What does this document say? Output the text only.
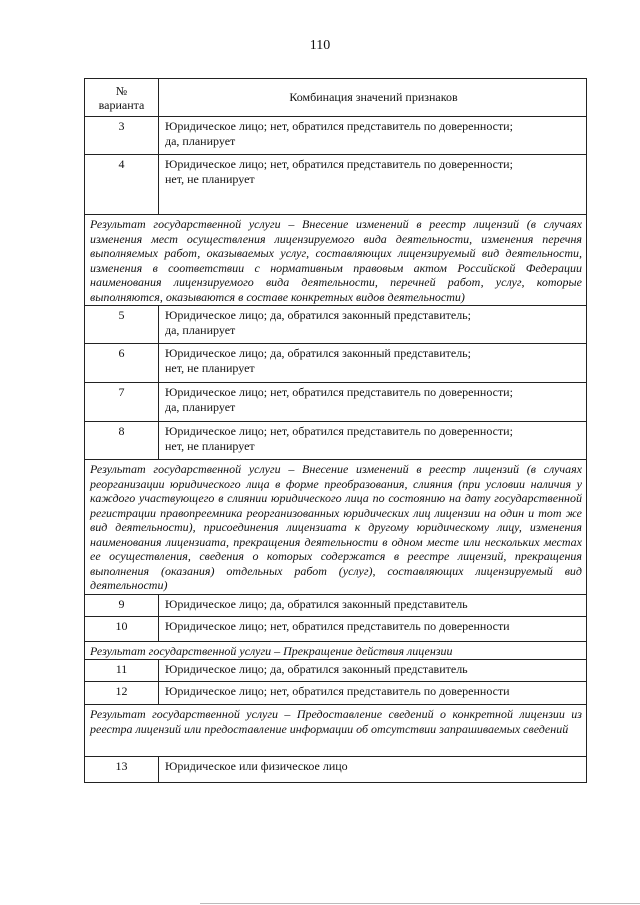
110
№
варианта	Комбинация значений признаков
3	Юридическое лицо; нет, обратился представитель по доверенности;
да, планирует

4	Юридическое лицо; нет, обратился представитель по доверенности;
нет, не планирует

Результат государственной услуги – Внесение изменений в реестр лицензий (в случаях изменения мест осуществления лицензируемого вида деятельности, изменения перечня выполняемых работ, оказываемых услуг, составляющих лицензируемый вид деятельности, изменения в соответствии с нормативным правовым актом Российской Федерации наименования лицензируемого вида деятельности, перечней работ, услуг, которые выполняются, оказываются в составе конкретных видов деятельности)	
5	Юридическое лицо; да, обратился законный представитель;
да, планирует

6	Юридическое лицо; да, обратился законный представитель;
нет, не планирует

7	Юридическое лицо; нет, обратился представитель по доверенности;
да, планирует

8	Юридическое лицо; нет, обратился представитель по доверенности;
нет, не планирует

Результат государственной услуги – Внесение изменений в реестр лицензий (в случаях реорганизации юридического лица в форме преобразования, слияния (при условии наличия у каждого участвующего в слиянии юридического лица по состоянию на дату государственной регистрации правопреемника реорганизованных юридических лиц лицензии на один и тот же вид деятельности), присоединения лицензиата к другому юридическому лицу, изменения наименования лицензиата, прекращения деятельности в одном месте или нескольких местах ее осуществления, сведения о которых содержатся в реестре лицензий, прекращения выполнения (оказания) отдельных работ (услуг), составляющих лицензируемый вид деятельности)	
9	Юридическое лицо; да, обратился законный представитель
10	Юридическое лицо; нет, обратился представитель по доверенности
Результат государственной услуги – Прекращение действия лицензии	
11	Юридическое лицо; да, обратился законный представитель
12	Юридическое лицо; нет, обратился представитель по доверенности
Результат государственной услуги – Предоставление сведений о конкретной лицензии из реестра лицензий или предоставление информации об отсутствии запрашиваемых сведений	
13	Юридическое или физическое лицо
